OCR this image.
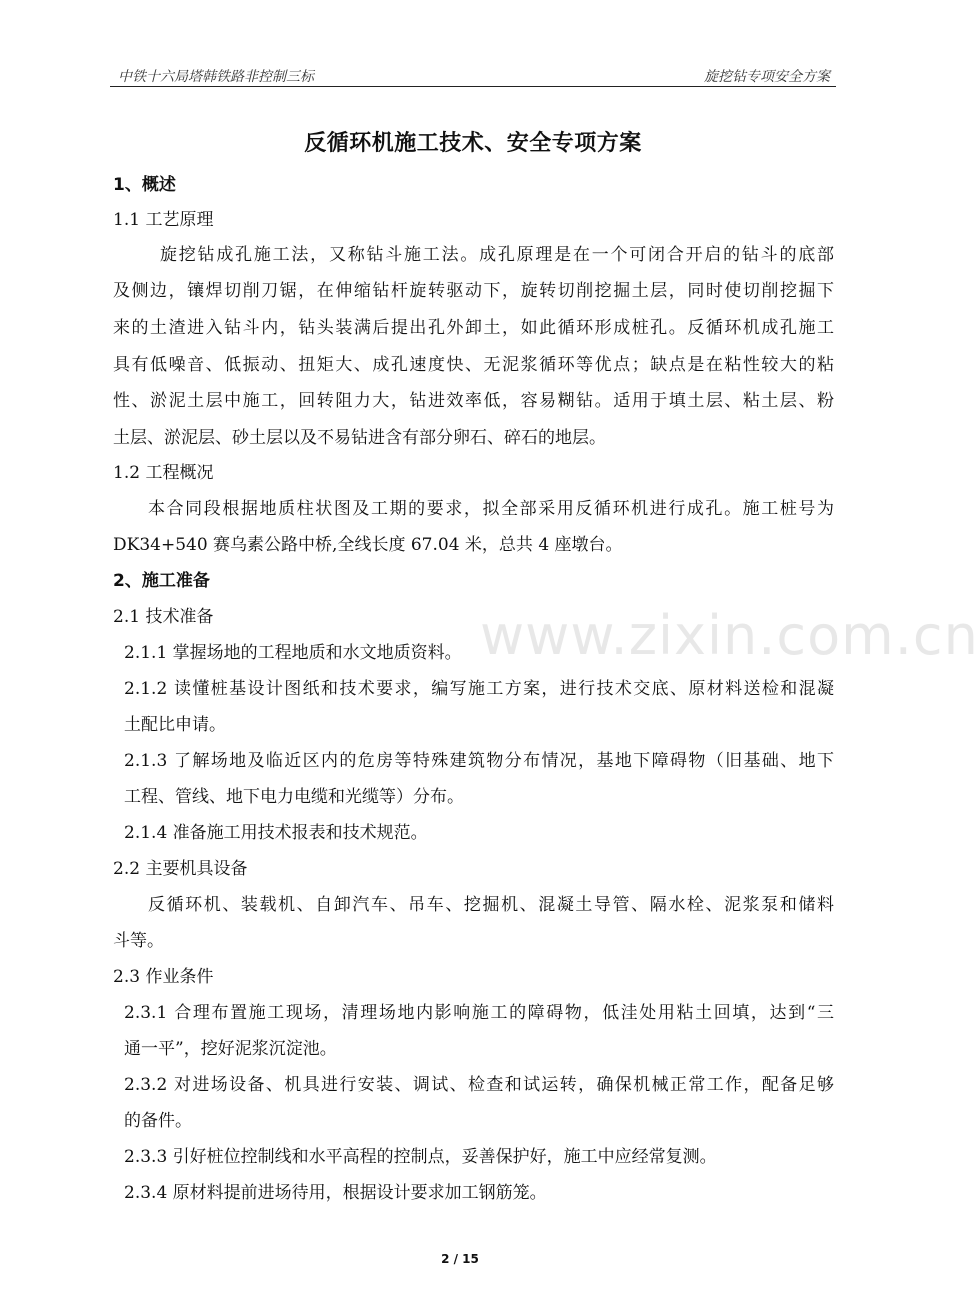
中铁十六局塔韩铁路非控制三标	旋挖钻专项安全方案
反循环机施工技术、安全专项方案
1、概述
1.1 工艺原理
旋挖钻成孔施工法，又称钻斗施工法。成孔原理是在一个可闭合开启的钻斗的底部
及侧边，镶焊切削刀锯，在伸缩钻杆旋转驱动下，旋转切削挖掘土层，同时使切削挖掘下
来的土渣进入钻斗内，钻头装满后提出孔外卸土，如此循环形成桩孔。反循环机成孔施工
具有低噪音、低振动、扭矩大、成孔速度快、无泥浆循环等优点；缺点是在粘性较大的粘
性、淤泥土层中施工，回转阻力大，钻进效率低，容易糊钻。适用于填土层、粘土层、粉
土层、淤泥层、砂土层以及不易钻进含有部分卵石、碎石的地层。
1.2 工程概况
本合同段根据地质柱状图及工期的要求，拟全部采用反循环机进行成孔。施工桩号为
DK34+540 赛乌素公路中桥,全线长度 67.04 米，总共 4 座墩台。
2、施工准备
2.1 技术准备
2.1.1 掌握场地的工程地质和水文地质资料。
2.1.2 读懂桩基设计图纸和技术要求，编写施工方案，进行技术交底、原材料送检和混凝
土配比申请。
2.1.3 了解场地及临近区内的危房等特殊建筑物分布情况，基地下障碍物（旧基础、地下
工程、管线、地下电力电缆和光缆等）分布。
2.1.4 准备施工用技术报表和技术规范。
2.2 主要机具设备
反循环机、装载机、自卸汽车、吊车、挖掘机、混凝土导管、隔水栓、泥浆泵和储料
斗等。
2.3 作业条件
2.3.1 合理布置施工现场，清理场地内影响施工的障碍物，低洼处用粘土回填，达到“三
通一平”，挖好泥浆沉淀池。
2.3.2 对进场设备、机具进行安装、调试、检查和试运转，确保机械正常工作，配备足够
的备件。
2.3.3 引好桩位控制线和水平高程的控制点，妥善保护好，施工中应经常复测。
2.3.4 原材料提前进场待用，根据设计要求加工钢筋笼。
www.zixin.com.cn
2 / 15
